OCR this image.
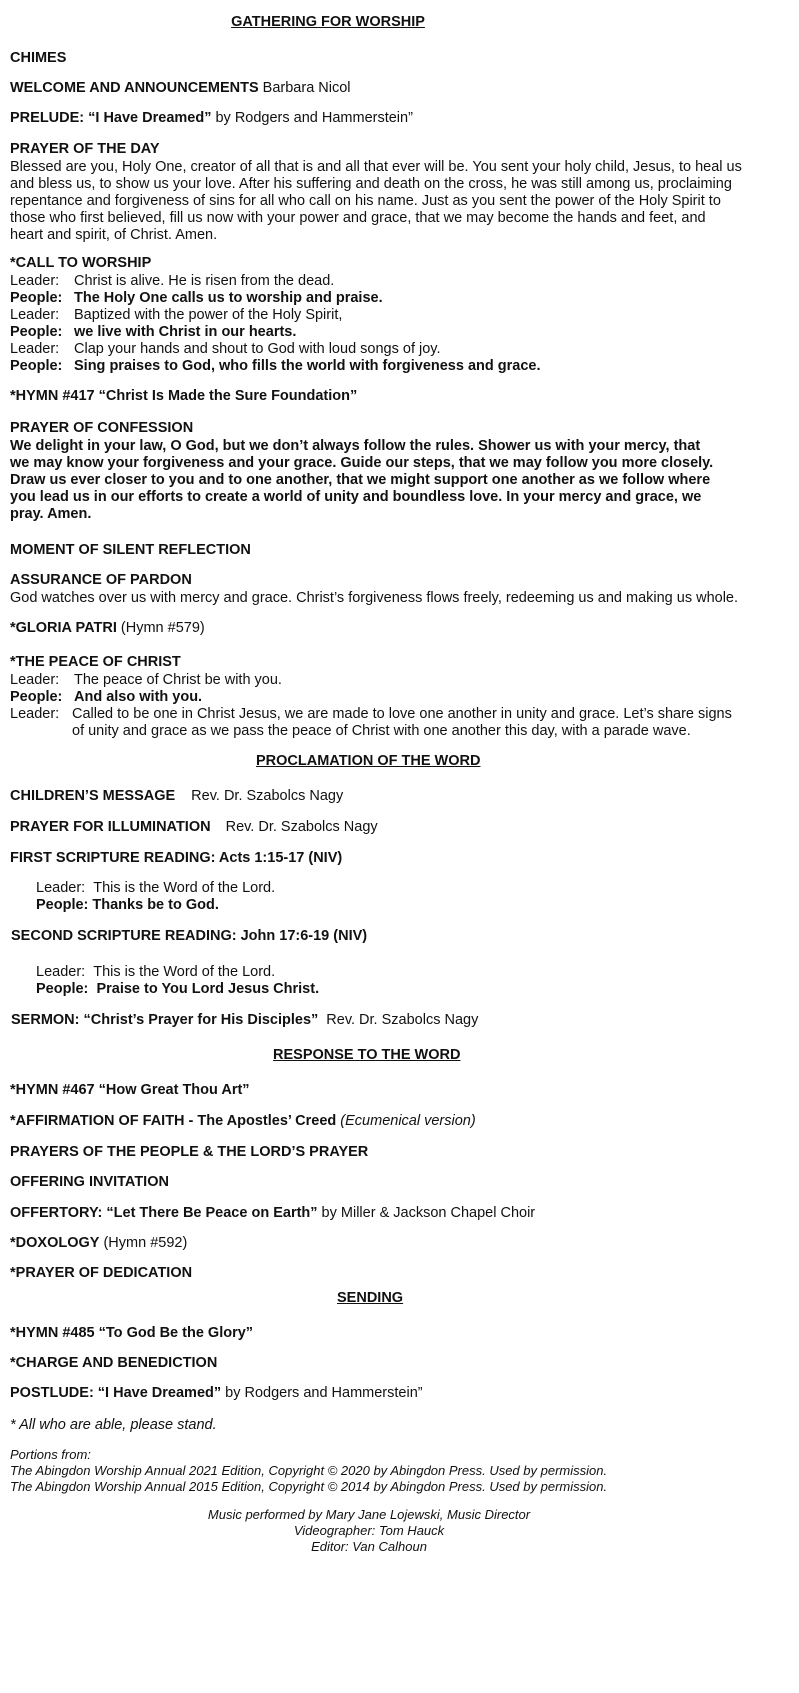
GATHERING FOR WORSHIP
CHIMES
WELCOME AND ANNOUNCEMENTS Barbara Nicol
PRELUDE: “I Have Dreamed” by Rodgers and Hammerstein”
PRAYER OF THE DAY
Blessed are you, Holy One, creator of all that is and all that ever will be. You sent your holy child, Jesus, to heal us
and bless us, to show us your love. After his suffering and death on the cross, he was still among us, proclaiming
repentance and forgiveness of sins for all who call on his name. Just as you sent the power of the Holy Spirit to
those who first believed, fill us now with your power and grace, that we may become the hands and feet, and
heart and spirit, of Christ. Amen.
*CALL TO WORSHIP
Leader: Christ is alive. He is risen from the dead.
People: The Holy One calls us to worship and praise.
Leader: Baptized with the power of the Holy Spirit,
People: we live with Christ in our hearts.
Leader: Clap your hands and shout to God with loud songs of joy.
People: Sing praises to God, who fills the world with forgiveness and grace.
*HYMN #417 “Christ Is Made the Sure Foundation”
PRAYER OF CONFESSION
We delight in your law, O God, but we don’t always follow the rules. Shower us with your mercy, that
we may know your forgiveness and your grace. Guide our steps, that we may follow you more closely.
Draw us ever closer to you and to one another, that we might support one another as we follow where
you lead us in our efforts to create a world of unity and boundless love. In your mercy and grace, we
pray. Amen.
MOMENT OF SILENT REFLECTION
ASSURANCE OF PARDON
God watches over us with mercy and grace. Christ’s forgiveness flows freely, redeeming us and making us whole.
*GLORIA PATRI (Hymn #579)
*THE PEACE OF CHRIST
Leader: The peace of Christ be with you.
People: And also with you.
Leader: Called to be one in Christ Jesus, we are made to love one another in unity and grace. Let’s share signs
of unity and grace as we pass the peace of Christ with one another this day, with a parade wave.
PROCLAMATION OF THE WORD
CHILDREN’S MESSAGE Rev. Dr. Szabolcs Nagy
PRAYER FOR ILLUMINATION Rev. Dr. Szabolcs Nagy
FIRST SCRIPTURE READING: Acts 1:15-17 (NIV)
Leader: This is the Word of the Lord.
People: Thanks be to God.
SECOND SCRIPTURE READING: John 17:6-19 (NIV)
Leader: This is the Word of the Lord.
People: Praise to You Lord Jesus Christ.
SERMON: “Christ’s Prayer for His Disciples” Rev. Dr. Szabolcs Nagy
RESPONSE TO THE WORD
*HYMN #467 “How Great Thou Art”
*AFFIRMATION OF FAITH - The Apostles’ Creed (Ecumenical version)
PRAYERS OF THE PEOPLE & THE LORD’S PRAYER
OFFERING INVITATION
OFFERTORY: “Let There Be Peace on Earth” by Miller & Jackson Chapel Choir
*DOXOLOGY (Hymn #592)
*PRAYER OF DEDICATION
SENDING
*HYMN #485 “To God Be the Glory”
*CHARGE AND BENEDICTION
POSTLUDE: “I Have Dreamed” by Rodgers and Hammerstein”
* All who are able, please stand.
Portions from:
The Abingdon Worship Annual 2021 Edition, Copyright © 2020 by Abingdon Press. Used by permission.
The Abingdon Worship Annual 2015 Edition, Copyright © 2014 by Abingdon Press. Used by permission.
Music performed by Mary Jane Lojewski, Music Director
Videographer: Tom Hauck
Editor: Van Calhoun
